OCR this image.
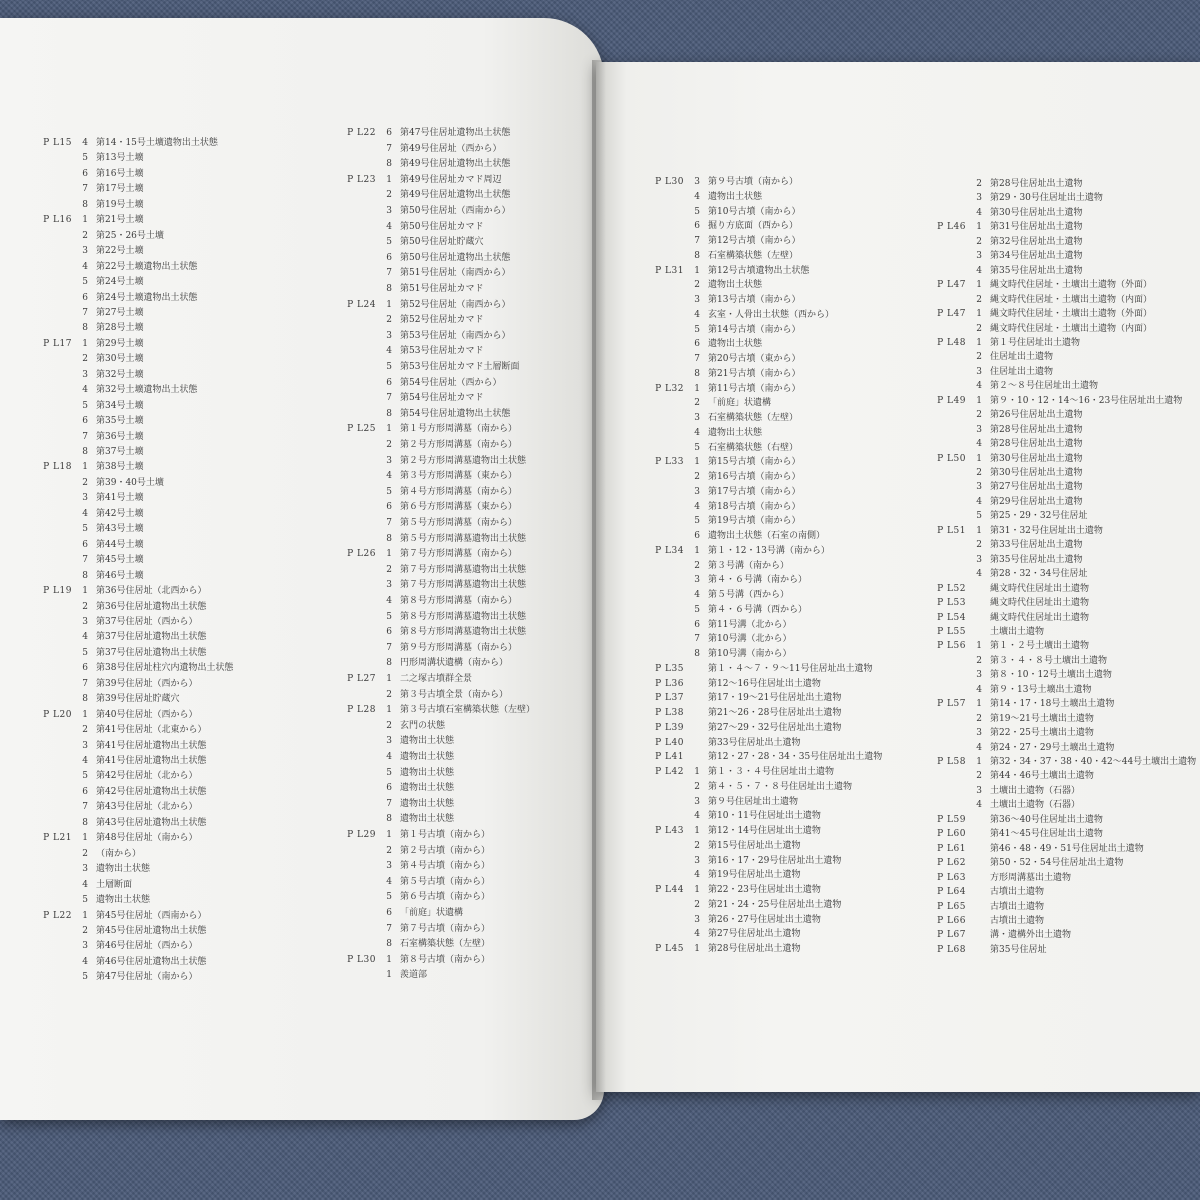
P L15	4 第14・15号土壙遺物出土状態
5 第13号土壙
6 第16号土壙
7 第17号土壙
8 第19号土壙
P L16	1 第21号土壙
2 第25・26号土壙
3 第22号土壙
4 第22号土壙遺物出土状態
5 第24号土壙
6 第24号土壙遺物出土状態
7 第27号土壙
8 第28号土壙
P L17	1 第29号土壙
2 第30号土壙
3 第32号土壙
4 第32号土壙遺物出土状態
5 第34号土壙
6 第35号土壙
7 第36号土壙
8 第37号土壙
P L18	1 第38号土壙
2 第39・40号土壙
3 第41号土壙
4 第42号土壙
5 第43号土壙
6 第44号土壙
7 第45号土壙
8 第46号土壙
P L19	1 第36号住居址（北西から）
2 第36号住居址遺物出土状態
3 第37号住居址（西から）
4 第37号住居址遺物出土状態
5 第37号住居址遺物出土状態
6 第38号住居址柱穴内遺物出土状態
7 第39号住居址（西から）
8 第39号住居址貯蔵穴
P L20	1 第40号住居址（西から）
2 第41号住居址（北東から）
3 第41号住居址遺物出土状態
4 第41号住居址遺物出土状態
5 第42号住居址（北から）
6 第42号住居址遺物出土状態
7 第43号住居址（北から）
8 第43号住居址遺物出土状態
P L21	1 第48号住居址（南から）
2 （南から）
3 遺物出土状態
4 土層断面
5 遺物出土状態
P L22	1 第45号住居址（西南から）
2 第45号住居址遺物出土状態
3 第46号住居址（西から）
4 第46号住居址遺物出土状態
5 第47号住居址（南から）
P L22	6 第47号住居址遺物出土状態
7 第49号住居址（西から）
8 第49号住居址遺物出土状態
P L23	1 第49号住居址カマド周辺
2 第49号住居址遺物出土状態
3 第50号住居址（西南から）
4 第50号住居址カマド
5 第50号住居址貯蔵穴
6 第50号住居址遺物出土状態
7 第51号住居址（南西から）
8 第51号住居址カマド
P L24	1 第52号住居址（南西から）
2 第52号住居址カマド
3 第53号住居址（南西から）
4 第53号住居址カマド
5 第53号住居址カマド土層断面
6 第54号住居址（西から）
7 第54号住居址カマド
8 第54号住居址遺物出土状態
P L25	1 第１号方形周溝墓（南から）
2 第２号方形周溝墓（南から）
3 第２号方形周溝墓遺物出土状態
4 第３号方形周溝墓（東から）
5 第４号方形周溝墓（南から）
6 第６号方形周溝墓（東から）
7 第５号方形周溝墓（南から）
8 第５号方形周溝墓遺物出土状態
P L26	1 第７号方形周溝墓（南から）
2 第７号方形周溝墓遺物出土状態
3 第７号方形周溝墓遺物出土状態
4 第８号方形周溝墓（南から）
5 第８号方形周溝墓遺物出土状態
6 第８号方形周溝墓遺物出土状態
7 第９号方形周溝墓（南から）
8 円形周溝状遺構（南から）
P L27	1 二之塚古墳群全景
2 第３号古墳全景（南から）
P L28	1 第３号古墳石室構築状態（左壁）
2 玄門の状態
3 遺物出土状態
4 遺物出土状態
5 遺物出土状態
6 遺物出土状態
7 遺物出土状態
8 遺物出土状態
P L29	1 第１号古墳（南から）
2 第２号古墳（南から）
3 第４号古墳（南から）
4 第５号古墳（南から）
5 第６号古墳（南から）
6 「前庭」状遺構
7 第７号古墳（南から）
8 石室構築状態（左壁）
P L30	1 第８号古墳（南から）
1 羨道部
P L30	3 第９号古墳（南から）
4 遺物出土状態
5 第10号古墳（南から）
6 掘り方底面（西から）
7 第12号古墳（南から）
8 石室構築状態（左壁）
P L31	1 第12号古墳遺物出土状態
2 遺物出土状態
3 第13号古墳（南から）
4 玄室・人骨出土状態（西から）
5 第14号古墳（南から）
6 遺物出土状態
7 第20号古墳（東から）
8 第21号古墳（南から）
P L32	1 第11号古墳（南から）
2 「前庭」状遺構
3 石室構築状態（左壁）
4 遺物出土状態
5 石室構築状態（右壁）
P L33	1 第15号古墳（南から）
2 第16号古墳（南から）
3 第17号古墳（南から）
4 第18号古墳（南から）
5 第19号古墳（南から）
6 遺物出土状態（石室の南側）
P L34	1 第１・12・13号溝（南から）
2 第３号溝（南から）
3 第４・６号溝（南から）
4 第５号溝（西から）
5 第４・６号溝（西から）
6 第11号溝（北から）
7 第10号溝（北から）
8 第10号溝（南から）
P L35	第１・４～７・９～11号住居址出土遺物
P L36	第12～16号住居址出土遺物
P L37	第17・19～21号住居址出土遺物
P L38	第21～26・28号住居址出土遺物
P L39	第27～29・32号住居址出土遺物
P L40	第33号住居址出土遺物
P L41	第12・27・28・34・35号住居址出土遺物
P L42	1 第１・３・４号住居址出土遺物
2 第４・５・７・８号住居址出土遺物
3 第９号住居址出土遺物
4 第10・11号住居址出土遺物
P L43	1 第12・14号住居址出土遺物
2 第15号住居址出土遺物
3 第16・17・29号住居址出土遺物
4 第19号住居址出土遺物
P L44	1 第22・23号住居址出土遺物
2 第21・24・25号住居址出土遺物
3 第26・27号住居址出土遺物
4 第27号住居址出土遺物
P L45	1 第28号住居址出土遺物
2 第28号住居址出土遺物
3 第29・30号住居址出土遺物
4 第30号住居址出土遺物
P L46	1 第31号住居址出土遺物
2 第32号住居址出土遺物
3 第34号住居址出土遺物
4 第35号住居址出土遺物
P L47	1 縄文時代住居址・土壙出土遺物（外面）
2 縄文時代住居址・土壙出土遺物（内面）
P L47	1 縄文時代住居址・土壙出土遺物（外面）
2 縄文時代住居址・土壙出土遺物（内面）
P L48	1 第１号住居址出土遺物
2 住居址出土遺物
3 住居址出土遺物
4 第２～８号住居址出土遺物
P L49	1 第９・10・12・14～16・23号住居址出土遺物
2 第26号住居址出土遺物
3 第28号住居址出土遺物
4 第28号住居址出土遺物
P L50	1 第30号住居址出土遺物
2 第30号住居址出土遺物
3 第27号住居址出土遺物
4 第29号住居址出土遺物
5 第25・29・32号住居址
P L51	1 第31・32号住居址出土遺物
2 第33号住居址出土遺物
3 第35号住居址出土遺物
4 第28・32・34号住居址
P L52	縄文時代住居址出土遺物
P L53	縄文時代住居址出土遺物
P L54	縄文時代住居址出土遺物
P L55	土壙出土遺物
P L56	1 第１・２号土壙出土遺物
2 第３・４・８号土壙出土遺物
3 第８・10・12号土壙出土遺物
4 第９・13号土壙出土遺物
P L57	1 第14・17・18号土壙出土遺物
2 第19～21号土壙出土遺物
3 第22・25号土壙出土遺物
4 第24・27・29号土壙出土遺物
P L58	1 第32・34・37・38・40・42～44号土壙出土遺物
2 第44・46号土壙出土遺物
3 土壙出土遺物（石器）
4 土壙出土遺物（石器）
P L59	第36～40号住居址出土遺物
P L60	第41～45号住居址出土遺物
P L61	第46・48・49・51号住居址出土遺物
P L62	第50・52・54号住居址出土遺物
P L63	方形周溝墓出土遺物
P L64	古墳出土遺物
P L65	古墳出土遺物
P L66	古墳出土遺物
P L67	溝・遺構外出土遺物
P L68	第35号住居址
